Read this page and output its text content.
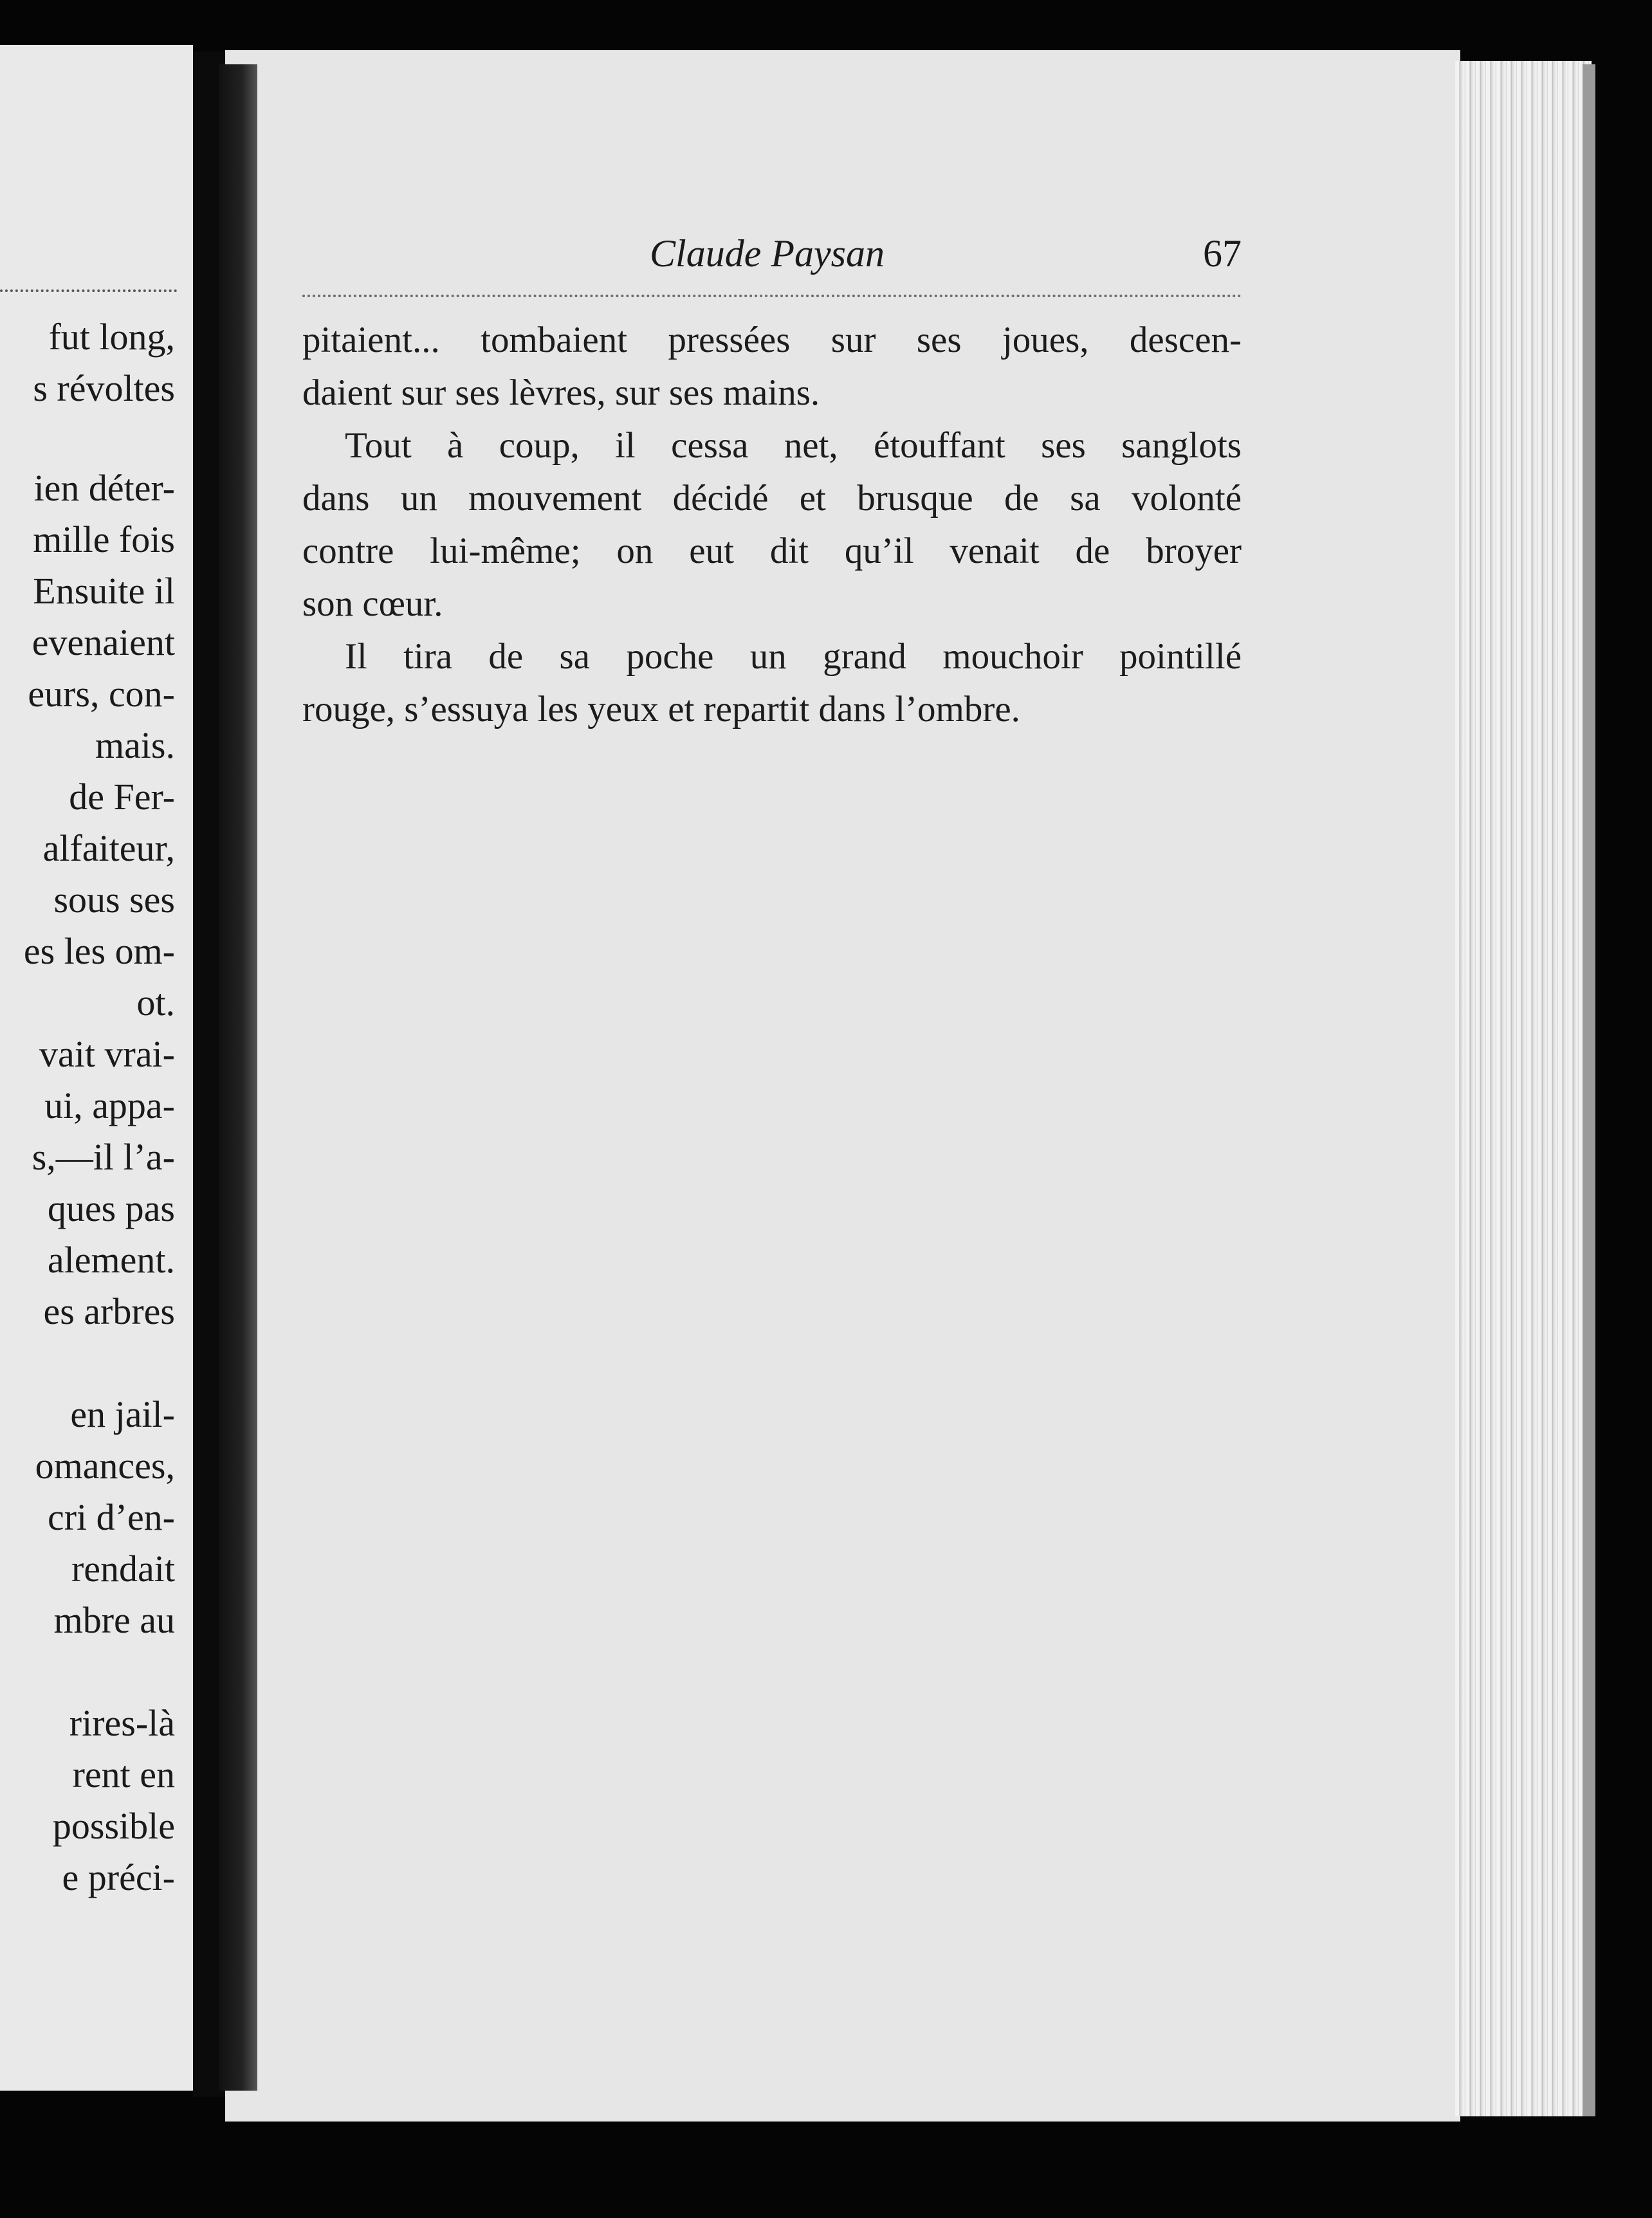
fut long,
s révoltes
ien déter-
mille fois
Ensuite il
evenaient
eurs, con-
mais.
de Fer-
alfaiteur,
sous ses
es les om-
ot.
vait vrai-
ui, appa-
s,—il l’a-
ques pas
alement.
es arbres
en jail-
omances,
cri d’en-
rendait
mbre au
rires-là
rent en
possible
e préci-
Claude Paysan	67
pitaient... tombaient pressées sur ses joues, descen-
daient sur ses lèvres, sur ses mains.
Tout à coup, il cessa net, étouffant ses sanglots
dans un mouvement décidé et brusque de sa volonté
contre lui-même; on eut dit qu’il venait de broyer
son cœur.
Il tira de sa poche un grand mouchoir pointillé
rouge, s’essuya les yeux et repartit dans l’ombre.
